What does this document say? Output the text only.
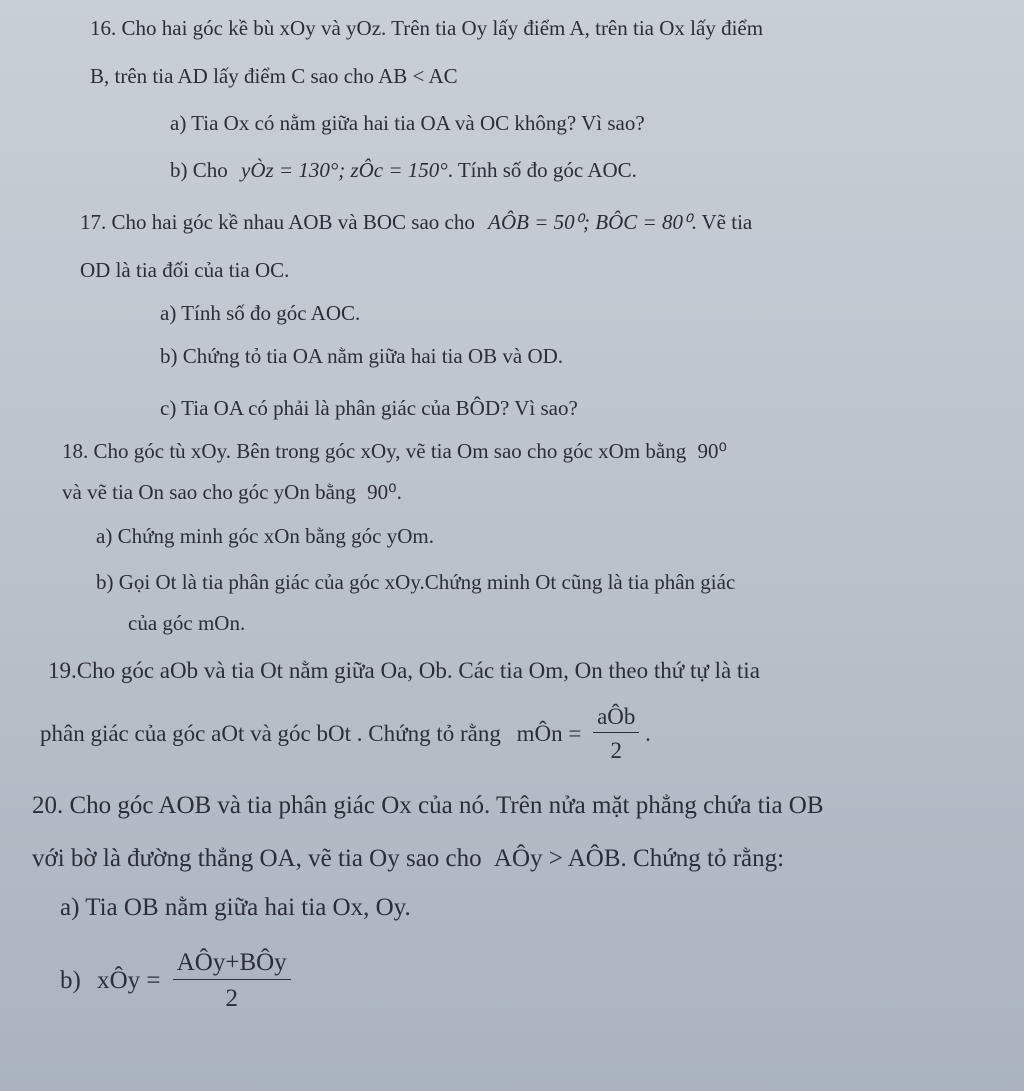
16. Cho hai góc kề bù xOy và yOz. Trên tia Oy lấy điểm A, trên tia Ox lấy điểm
B, trên tia AD lấy điểm C sao cho AB < AC
a) Tia Ox có nằm giữa hai tia OA và OC không? Vì sao?
b) Cho yÒz = 130°; zÔc = 150°. Tính số đo góc AOC.
17. Cho hai góc kề nhau AOB và BOC sao cho AÔB = 50⁰; BÔC = 80⁰. Vẽ tia
OD là tia đối của tia OC.
a) Tính số đo góc AOC.
b) Chứng tỏ tia OA nằm giữa hai tia OB và OD.
c) Tia OA có phải là phân giác của BÔD? Vì sao?
18. Cho góc tù xOy. Bên trong góc xOy, vẽ tia Om sao cho góc xOm bằng 90⁰
và vẽ tia On sao cho góc yOn bằng 90⁰.
a) Chứng minh góc xOn bằng góc yOm.
b) Gọi Ot là tia phân giác của góc xOy.Chứng minh Ot cũng là tia phân giác
của góc mOn.
19.Cho góc aOb và tia Ot nằm giữa Oa, Ob. Các tia Om, On theo thứ tự là tia
phân giác của góc aOt và góc bOt . Chứng tỏ rằng mÔn = $\frac{\text{aÔb}}{2}$ .
20. Cho góc AOB và tia phân giác Ox của nó. Trên nửa mặt phẳng chứa tia OB
với bờ là đường thẳng OA, vẽ tia Oy sao cho AÔy > AÔB. Chứng tỏ rằng:
a) Tia OB nằm giữa hai tia Ox, Oy.
b) xÔy = $\frac{\text{AÔy+BÔy}}{2}$
